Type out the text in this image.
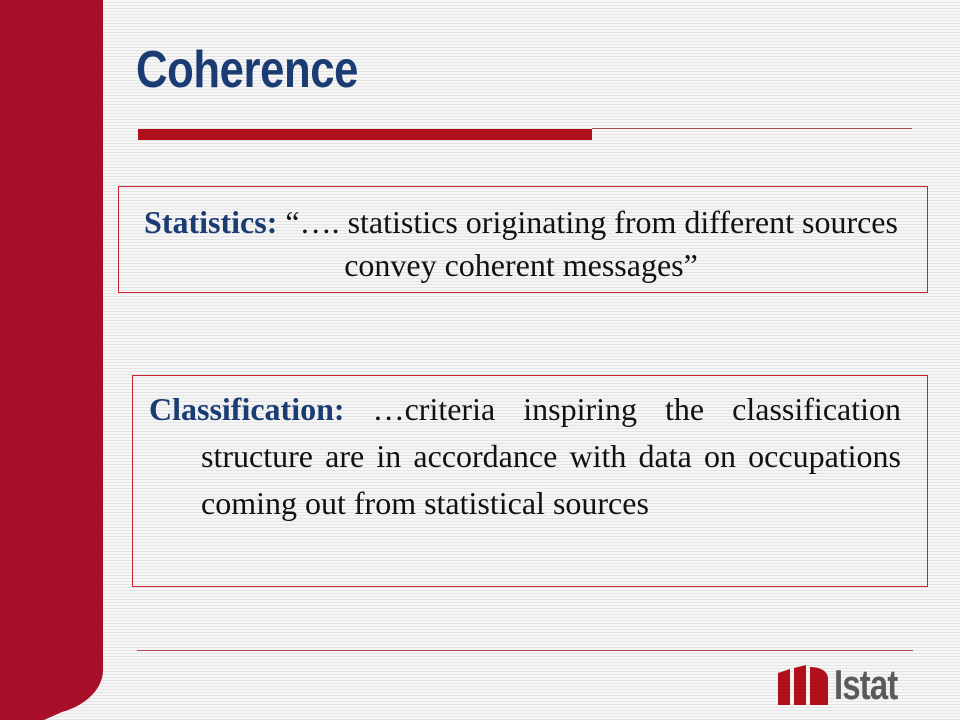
Coherence

Statistics: “…. statistics originating from different sources convey coherent messages”

Classification: …criteria inspiring the classification structure are in accordance with data on occupations coming out from statistical sources

Istat
